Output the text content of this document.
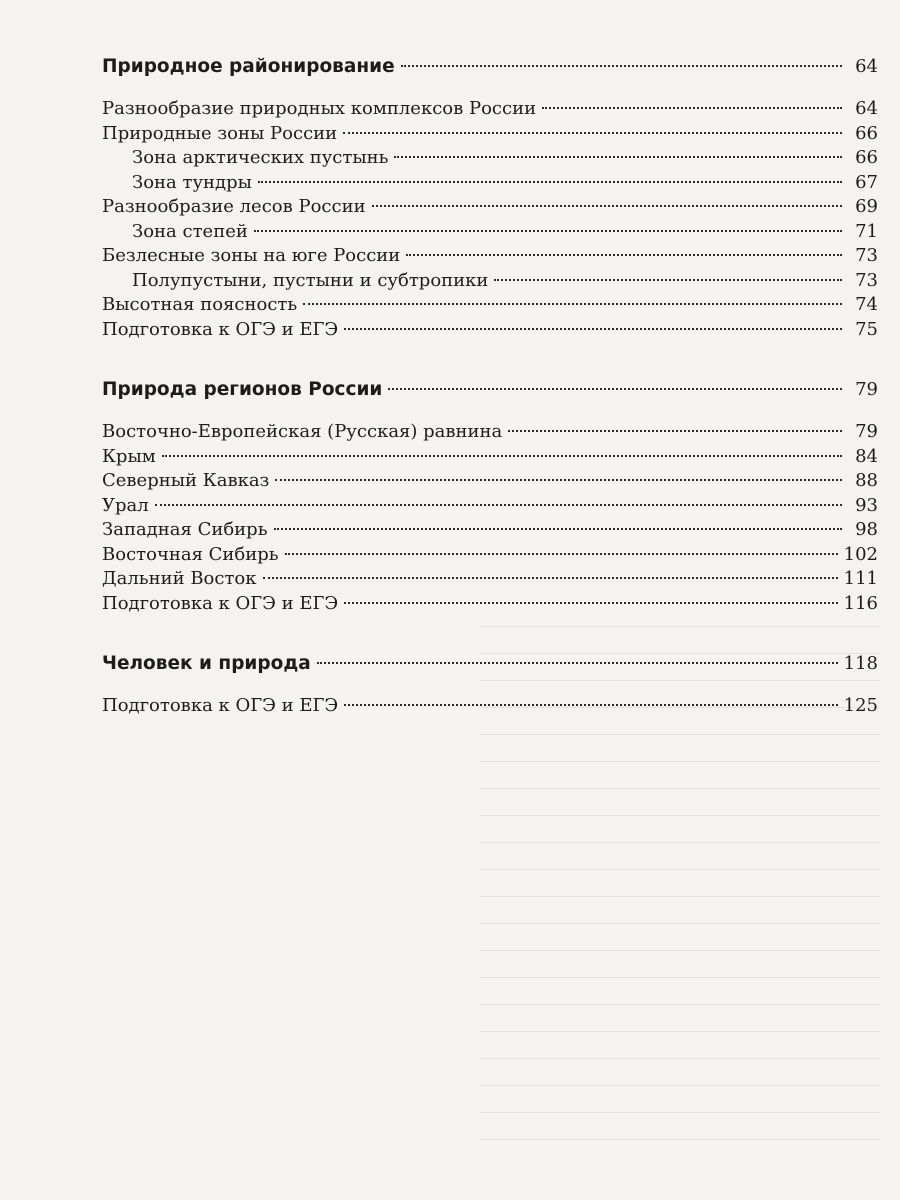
Природное районирование	64
Разнообразие природных комплексов России	64
Природные зоны России	66
Зона арктических пустынь	66
Зона тундры	67
Разнообразие лесов России	69
Зона степей	71
Безлесные зоны на юге России	73
Полупустыни, пустыни и субтропики	73
Высотная поясность	74
Подготовка к ОГЭ и ЕГЭ	75
Природа регионов России	79
Восточно-Европейская (Русская) равнина	79
Крым	84
Северный Кавказ	88
Урал	93
Западная Сибирь	98
Восточная Сибирь	102
Дальний Восток	111
Подготовка к ОГЭ и ЕГЭ	116
Человек и природа	118
Подготовка к ОГЭ и ЕГЭ	125
